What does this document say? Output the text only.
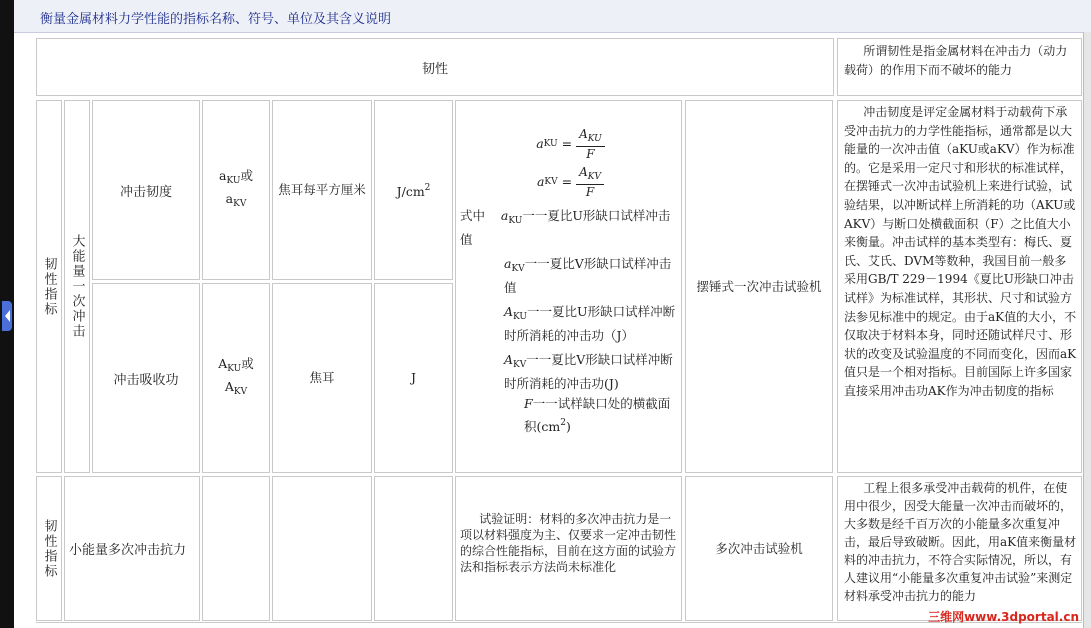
衡量金属材料力学性能的指标名称、符号、单位及其含义说明
韧性
所谓韧性是指金属材料在冲击力（动力载荷）的作用下而不破坏的能力
韧性指标 大能量一次冲击
冲击韧度
$a_{KU}$或
$a_{KV}$
焦耳每平方厘米 $J/cm^2$
冲击吸收功
$A_{KU}$或
$A_{KV}$
焦耳	J
a KU = $\frac{A_{KU}}{F}$
a KV = $\frac{A_{KV}}{F}$
式中 $a_{KU}$一一夏比U形缺口试样冲击值
$a_{KV}$一一夏比V形缺口试样冲击值
$A_{KU}$一一夏比U形缺口试样冲断时所消耗的冲击功（J）
$A_{KV}$一一夏比V形缺口试样冲断时所消耗的冲击功(J)
F一一试样缺口处的横截面积$(cm^2)$
摆锤式一次冲击试验机
冲击韧度是评定金属材料于动载荷下承受冲击抗力的力学性能指标，通常都是以大能量的一次冲击值（aKU或aKV）作为标准的。它是采用一定尺寸和形状的标准试样，在摆锤式一次冲击试验机上来进行试验，试验结果，以冲断试样上所消耗的功（AKU或AKV）与断口处横截面积（F）之比值大小来衡量。冲击试样的基本类型有：梅氏、夏氏、艾氏、DVM等数种，我国目前一般多采用GB/T 229－1994《夏比U形缺口冲击试样》为标准试样，其形状、尺寸和试验方法参见标准中的规定。由于aK值的大小，不仅取决于材料本身，同时还随试样尺寸、形状的改变及试验温度的不同而变化，因而aK值只是一个相对指标。目前国际上许多国家直接采用冲击功AK作为冲击韧度的指标
韧性指标 小能量多次冲击抗力
试验证明：材料的多次冲击抗力是一项以材料强度为主、仅要求一定冲击韧性的综合性能指标，目前在这方面的试验方法和指标表示方法尚未标准化
多次冲击试验机
工程上很多承受冲击载荷的机件，在使用中很少，因受大能量一次冲击而破坏的，大多数是经千百万次的小能量多次重复冲击，最后导致破断。因此，用aK值来衡量材料的冲击抗力，不符合实际情况，所以，有人建议用“小能量多次重复冲击试验”来测定材料承受冲击抗力的能力
三维网www.3dportal.cn
